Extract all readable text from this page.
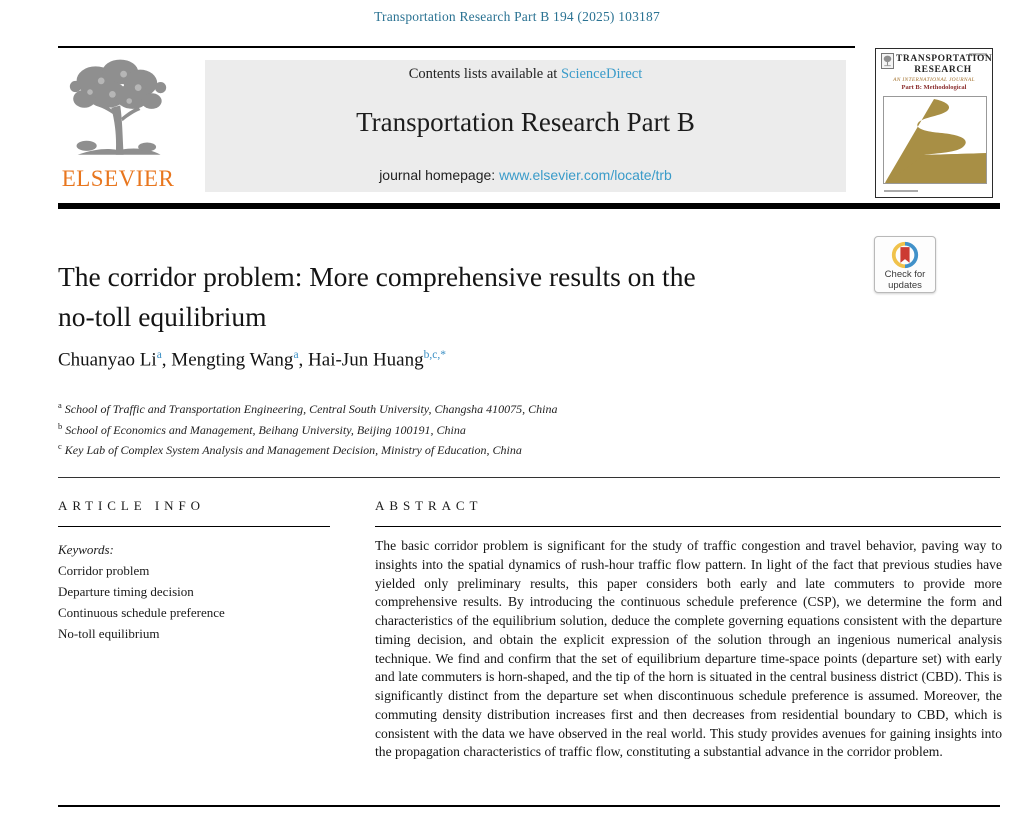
Transportation Research Part B 194 (2025) 103187
ELSEVIER
Contents lists available at ScienceDirect
Transportation Research Part B
journal homepage: www.elsevier.com/locate/trb
TRANSPORTATION
RESEARCH
AN INTERNATIONAL JOURNAL
Part B: Methodological
Check for
updates
The corridor problem: More comprehensive results on the
no-toll equilibrium
Chuanyao Li$^a$, Mengting Wang$^a$, Hai-Jun Huang$^{b,c,*}$
$^a$ School of Traffic and Transportation Engineering, Central South University, Changsha 410075, China
$^b$ School of Economics and Management, Beihang University, Beijing 100191, China
$^c$ Key Lab of Complex System Analysis and Management Decision, Ministry of Education, China
ARTICLE INFO
Keywords:
Corridor problem
Departure timing decision
Continuous schedule preference
No-toll equilibrium
ABSTRACT
The basic corridor problem is significant for the study of traffic congestion and travel behavior, paving way to insights into the spatial dynamics of rush-hour traffic flow pattern. In light of the fact that previous studies have yielded only preliminary results, this paper considers both early and late commuters to provide more comprehensive results. By introducing the continuous schedule preference (CSP), we determine the form and characteristics of the equilibrium solution, deduce the complete governing equations consistent with the departure timing decision, and obtain the explicit expression of the solution through an ingenious numerical analysis technique. We find and confirm that the set of equilibrium departure time-space points (departure set) with early and late commuters is horn-shaped, and the tip of the horn is situated in the central business district (CBD). This is significantly distinct from the departure set when discontinuous schedule preference is assumed. Moreover, the commuting density distribution increases first and then decreases from residential boundary to CBD, which is consistent with the data we have observed in the real world. This study provides avenues for gaining insights into the propagation characteristics of traffic flow, constituting a substantial advance in the corridor problem.
